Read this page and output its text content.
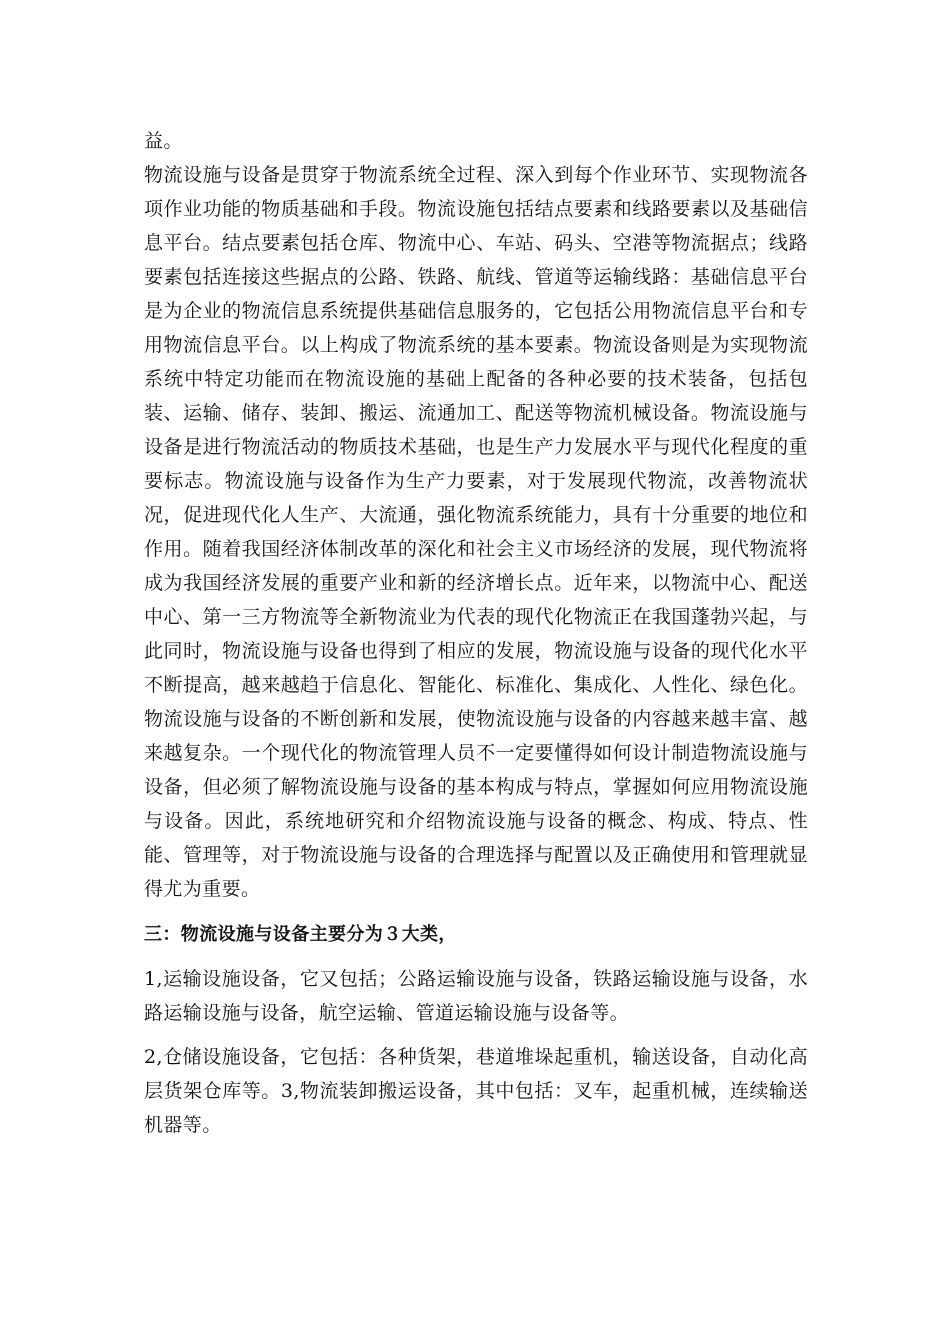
益。

物流设施与设备是贯穿于物流系统全过程、深入到每个作业环节、实现物流各项作业功能的物质基础和手段。物流设施包括结点要素和线路要素以及基础信息平台。结点要素包括仓库、物流中心、车站、码头、空港等物流据点；线路要素包括连接这些据点的公路、铁路、航线、管道等运输线路：基础信息平台是为企业的物流信息系统提供基础信息服务的，它包括公用物流信息平台和专用物流信息平台。以上构成了物流系统的基本要素。物流设备则是为实现物流系统中特定功能而在物流设施的基础上配备的各种必要的技术装备，包括包装、运输、储存、装卸、搬运、流通加工、配送等物流机械设备。物流设施与设备是进行物流活动的物质技术基础，也是生产力发展水平与现代化程度的重要标志。物流设施与设备作为生产力要素，对于发展现代物流，改善物流状况，促进现代化人生产、大流通，强化物流系统能力，具有十分重要的地位和作用。随着我国经济体制改革的深化和社会主义市场经济的发展，现代物流将成为我国经济发展的重要产业和新的经济增长点。近年来，以物流中心、配送中心、第一三方物流等全新物流业为代表的现代化物流正在我国蓬勃兴起，与此同时，物流设施与设备也得到了相应的发展，物流设施与设备的现代化水平不断提高，越来越趋于信息化、智能化、标准化、集成化、人性化、绿色化。物流设施与设备的不断创新和发展，使物流设施与设备的内容越来越丰富、越来越复杂。一个现代化的物流管理人员不一定要懂得如何设计制造物流设施与设备，但必须了解物流设施与设备的基本构成与特点，掌握如何应用物流设施与设备。因此，系统地研究和介绍物流设施与设备的概念、构成、特点、性能、管理等，对于物流设施与设备的合理选择与配置以及正确使用和管理就显得尤为重要。

三：物流设施与设备主要分为３大类，

1,运输设施设备，它又包括；公路运输设施与设备，铁路运输设施与设备，水路运输设施与设备，航空运输、管道运输设施与设备等。

2,仓储设施设备，它包括：各种货架，巷道堆垛起重机，输送设备，自动化高层货架仓库等。3,物流装卸搬运设备，其中包括：叉车，起重机械，连续输送机器等。
